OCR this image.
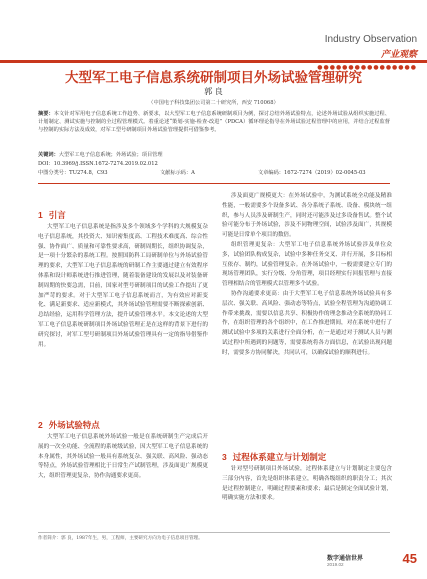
Industry Observation
产业观察
●●●●●●●●●●●●●●●●
大型军工电子信息系统研制项目外场试验管理研究
郭 良
（中国电子科技集团公司第二十研究所，西安 710068）
摘要：本文针对军用电子信息系统工作趋势、新要求，以大型军工电子信息系统研制项目为例，探讨总结外场试验特点，论述外场试验从组织实施过程、计划制定、测试实施与控制的全过程管理模式。着重论述“策划-实施-检查-改进”（PDCA）循环理论指导在外场试验过程管理中的应用，并结合过程监督与控制的实际方法及成效，对军工型号研制项目外场试验管理提供可借鉴参考。
关键词：大型军工电子信息系统；外场试验；项目管理
DOI：10.3969/j.ISSN.1672-7274.2019.02.012
中图分类号：TU274.8，C93	文献标示码：A	文章编码：1672-7274（2019）02-0045-03
1 引言

大型军工电子信息系统是指涉及多个领域多个学科的大规模复杂电子信息系统，其投资大、知识密集度高、工程技术难度高、综合性强、协作面广、质量和可靠性要求高，研制周期长，组织协调复杂，是一项十分繁杂的系统工程。按照国防科工局研制单位与外场试验管理的要求，大型军工电子信息系统的研制工作主要通过建立有效程序体系和设计师系统进行推进管理，随着装备建设的发展以及对装备研制周期的快要急需，目前，国家对型号研制项目的试验工作提出了更加严苛的要求。对于大型军工电子信息系统而言，为有效应对新变化、满足新要求、适应新模式，其外场试验管理需要不断探索创新、总结经验，运用科学管理方法，提升试验管理水平。本文论述的大型军工电子信息系统研制项目外场试验管理正是在这样的背景下进行的研究探讨，对军工型号研制项目外场试验管理具有一定的指导借鉴作用。

2 外场试验特点

大型军工电子信息系统外场试验一般是在系统研制生产完成后开展的一次全功能、全流程的系统级试验，因大型军工电子信息系统的本身属性，其外场试验一般具有系统复杂、强关联、高风险、强动态等特点，外场试验管理相比于日常生产试制管理，涉及面更广规模更大，组织管理更复杂，协作沟通要求更高。

涉及面更广规模更大：在外场试验中，为测试系统全功能及精准性能，一般需要多个设备多试、各分系统子系统、设备、模块统一组织，参与人员涉及研制生产，同时还可能涉及过多设备售试。整个试验可能分布于外场试验，涉及不同物理空间，试验涉及面广，其规模可能是日常单个项目的数倍。

组织管理更复杂：大型军工电子信息系统外场试验涉及单位众多，试验团队构成复杂，试验中多种任务交叉、并行开展，多目标相互依存、制约，试验管理复杂。在外场试验中，一般需要建立专门的现场管理团队，实行分级、分角管理，项目经理实行回报管理与直接管理相结合的管理模式以管理多个试验。

协作沟通要求更高：由于大型军工电子信息系统外场试验具有多层次、强关联、高风险、强动态等特点，试验全程管理为沟通协调工作带来挑战，需要以信息共享、积极协作的理念推动全系统的协同工作，在组织管理的各个组织中，在工作推进期间，对在系统中进行了测试试验中多项的关系进行全面分析，在一是通过对于测试人员与测试过程中所遇到的问题等，需要系统将各方面信息，在试验出现问题时，需要多方协同解决，共同认可，以确保试验的顺利进行。

3 过程体系建立与计划制定

针对型号研制项目外场试验，过程体系建立与计划制定主要包含三部分内容，首先是组织体系建立，明确各级组织的职责分工；其次是过程控制建立，明确过程要素和要求；最后是制定全面试验计划，明确实施方法和要求。

作者简介：郭 良，1987年生，男，工程师，主要研究方向为电子信息项目管理。
数字通信世界
2019.02	45
